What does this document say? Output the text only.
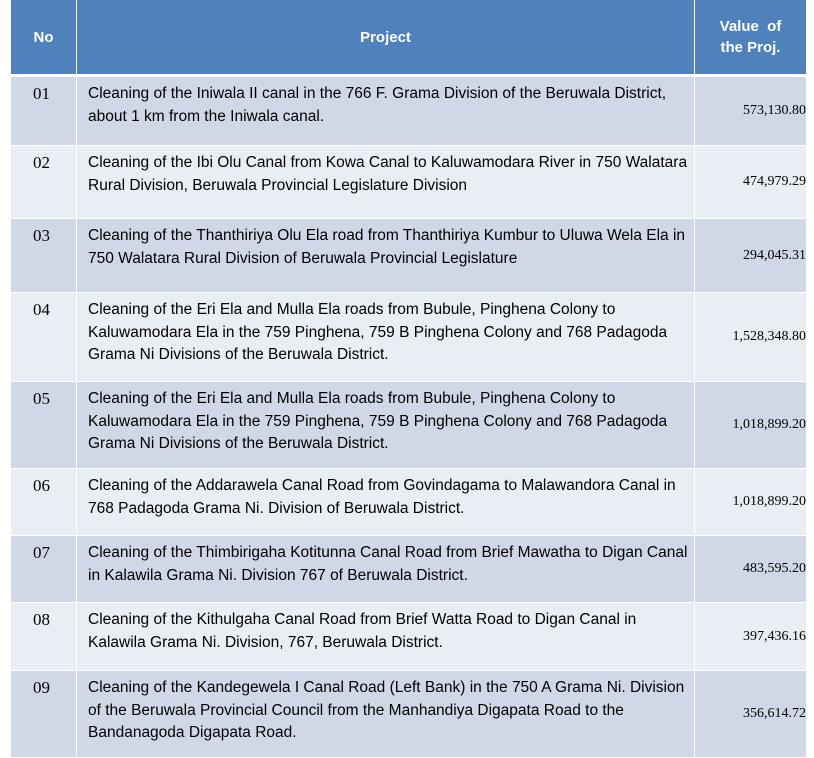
No	Project	Value  of
the Proj.

01	Cleaning of the Iniwala II canal in the 766 F. Grama Division of the Beruwala District, about 1 km from the Iniwala canal.	573,130.80
02	Cleaning of the Ibi Olu Canal from Kowa Canal to Kaluwamodara River in 750 Walatara Rural Division, Beruwala Provincial Legislature Division	474,979.29
03	Cleaning of the Thanthiriya Olu Ela road from Thanthiriya Kumbur to Uluwa Wela Ela in 750 Walatara Rural Division of Beruwala Provincial Legislature	294,045.31
04	Cleaning of the Eri Ela and Mulla Ela roads from Bubule, Pinghena Colony to Kaluwamodara Ela in the 759 Pinghena, 759 B Pinghena Colony and 768 Padagoda Grama Ni Divisions of the Beruwala District.	1,528,348.80
05	Cleaning of the Eri Ela and Mulla Ela roads from Bubule, Pinghena Colony to Kaluwamodara Ela in the 759 Pinghena, 759 B Pinghena Colony and 768 Padagoda Grama Ni Divisions of the Beruwala District.	1,018,899.20
06	Cleaning of the Addarawela Canal Road from Govindagama to Malawandora Canal in 768 Padagoda Grama Ni. Division of Beruwala District.	1,018,899.20
07	Cleaning of the Thimbirigaha Kotitunna Canal Road from Brief Mawatha to Digan Canal in Kalawila Grama Ni. Division 767 of Beruwala District.	483,595.20
08	Cleaning of the Kithulgaha Canal Road from Brief Watta Road to Digan Canal in Kalawila Grama Ni. Division, 767, Beruwala District.	397,436.16
09	Cleaning of the Kandegewela I Canal Road (Left Bank) in the 750 A Grama Ni. Division of the Beruwala Provincial Council from the Manhandiya Digapata Road to the Bandanagoda Digapata Road.	356,614.72
